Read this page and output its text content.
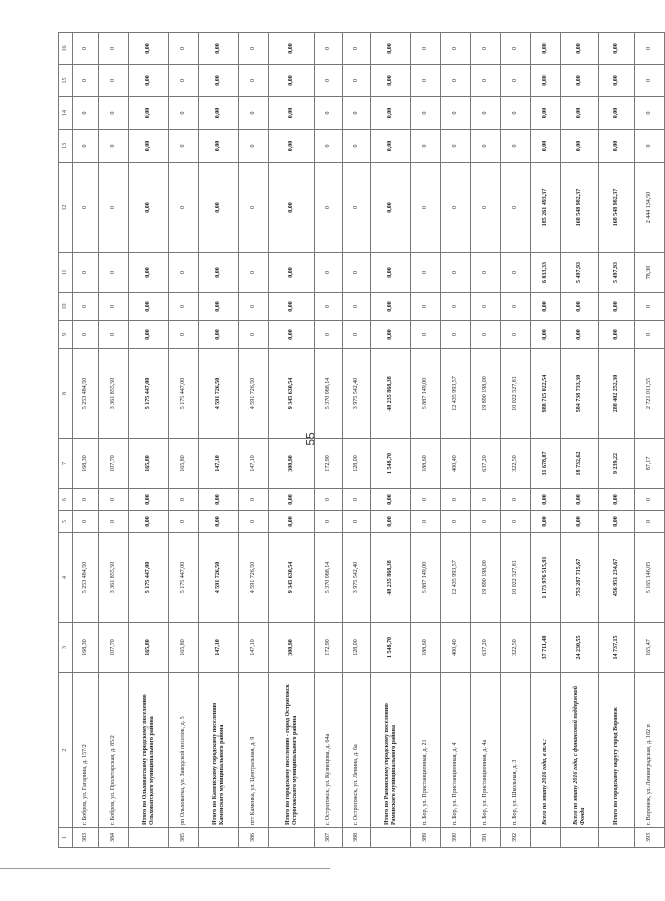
55
1	2	3	4	5	6	7	8	9	10	11	12	13	14	15	16
383	г. Бобров, ул. Гагарина, д. 157/2	168,30	5 253 484,50	0	0	168,30	5 253 484,50	0	0	0	0	0	0	0	0
384	г. Бобров, ул. Пролетарская, д. 85/2	107,70	3 361 855,50	0	0	107,70	3 361 855,50	0	0	0	0	0	0	0	0
	Итого по Ольховатскому городскому поселению Ольховатского муниципального района	165,80	5 175 447,00	0,00	0,00	165,80	5 175 447,00	0,00	0,00	0,00	0,00	0,00	0,00	0,00	0,00
385	рп Ольховатка, ул. Заводской поселок, д. 5	165,80	5 175 447,00	0	0	165,80	5 175 447,00	0	0	0	0	0	0	0	0
	Итого по Каменскому городскому поселению Каменского муниципального района	147,10	4 591 726,50	0,00	0,00	147,10	4 591 726,50	0,00	0,00	0,00	0,00	0,00	0,00	0,00	0,00
386	пгт Каменка, ул. Центральная, д. 9	147,10	4 591 726,50	0	0	147,10	4 591 726,50	0	0	0	0	0	0	0	0
	Итого по городскому поселению - город Острогожск Острогожского муниципального района	300,90	9 345 630,54	0,00	0,00	300,90	9 345 630,54	0,00	0,00	0,00	0,00	0,00	0,00	0,00	0,00
387	г. Острогожск, ул. Кузнецова, д. 64а	172,90	5 370 088,14	0	0	172,90	5 370 088,14	0	0	0	0	0	0	0	0
388	г. Острогожск, ул. Ленина, д. 6а	128,00	3 975 542,40	0	0	128,00	3 975 542,40	0	0	0	0	0	0	0	0
	Итого по Рамонскому городскому поселению Рамонского муниципального района	1 548,70	48 235 868,38	0,00	0,00	1 548,70	48 235 868,38	0,00	0,00	0,00	0,00	0,00	0,00	0,00	0,00
389	п. Бор, ул. Пристанционная, д. 21	188,60	5 887 149,00	0	0	188,60	5 887 149,00	0	0	0	0	0	0	0	0
390	п. Бор, ул. Пристанционная, д. 4	400,40	12 435 993,57	0	0	400,40	12 435 993,57	0	0	0	0	0	0	0	0
391	п. Бор, ул. Пристанционная, д. 4а	637,20	19 890 198,00	0	0	637,20	19 890 198,00	0	0	0	0	0	0	0	0
392	п. Бор, ул. Школьная, д. 3	322,50	10 022 527,81	0	0	322,50	10 022 527,81	0	0	0	0	0	0	0	0
	Всего по этапу 2016 года, в т.ч.:	37 711,40	1 173 976 515,91	0,00	0,00	31 678,07	988 715 022,54	0,00	0,00	6 033,33	185 261 493,37	0,00	0,00	0,00	0,00
	Всего по этапу 2016 года, с финансовой поддержкой Фонда	24 230,55	753 287 715,67	0,00	0,00	18 732,62	584 738 733,30	0,00	0,00	5 497,93	168 548 982,37	0,00	0,00	0,00	0,00
	Итого по городскому округу город Воронеж	14 737,15	456 951 234,67	0,00	0,00	9 239,22	288 402 252,30	0,00	0,00	5 497,93	168 548 982,37	0,00	0,00	0,00	0,00
393	г. Воронеж, ул. Ленинградская, д. 102 п	165,47	5 165 146,05	0	0	87,17	2 721 011,55	0	0	78,30	2 444 134,50	0	0	0	0
